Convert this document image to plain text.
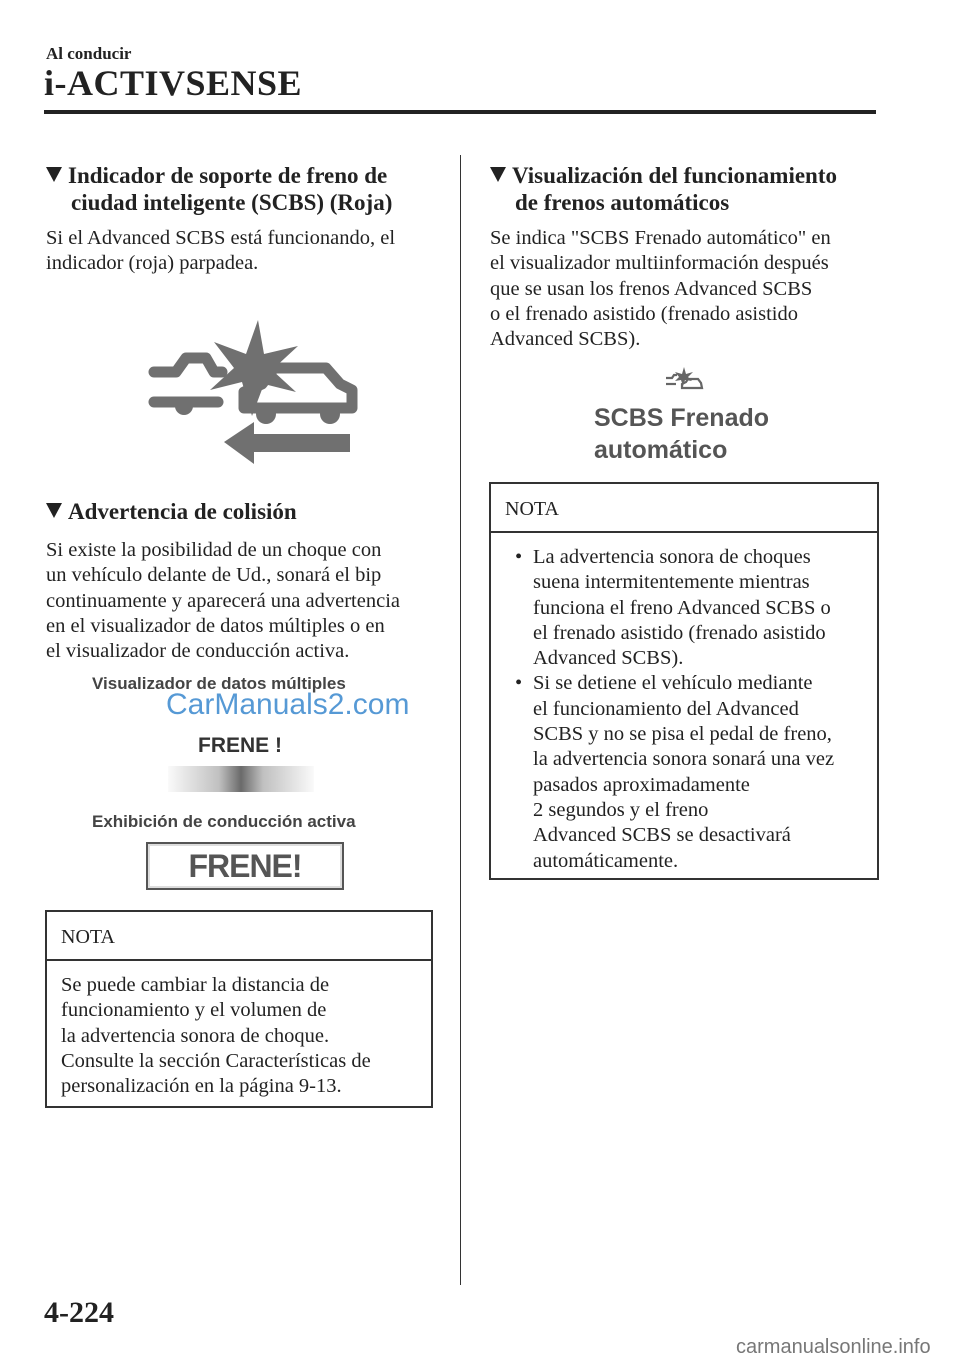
Al conducir
i-ACTIVSENSE
Indicador de soporte de freno de
ciudad inteligente (SCBS) (Roja)
Si el Advanced SCBS está funcionando, el
indicador (roja) parpadea.
Advertencia de colisión
Si existe la posibilidad de un choque con
un vehículo delante de Ud., sonará el bip
continuamente y aparecerá una advertencia
en el visualizador de datos múltiples o en
el visualizador de conducción activa.
Visualizador de datos múltiples
CarManuals2.com
FRENE !
Exhibición de conducción activa
FRENE!
NOTA
Se puede cambiar la distancia de
funcionamiento y el volumen de
la advertencia sonora de choque.
Consulte la sección Características de
personalización en la página 9-13.
Visualización del funcionamiento
de frenos automáticos
Se indica "SCBS Frenado automático" en
el visualizador multiinformación después
que se usan los frenos Advanced SCBS
o el frenado asistido (frenado asistido
Advanced SCBS).
SCBS Frenado
automático
NOTA
• La advertencia sonora de choques
suena intermitentemente mientras
funciona el freno Advanced SCBS o
el frenado asistido (frenado asistido
Advanced SCBS).
• Si se detiene el vehículo mediante
el funcionamiento del Advanced
SCBS y no se pisa el pedal de freno,
la advertencia sonora sonará una vez
pasados aproximadamente
2 segundos y el freno
Advanced SCBS se desactivará
automáticamente.
4-224
carmanualsonline.info
